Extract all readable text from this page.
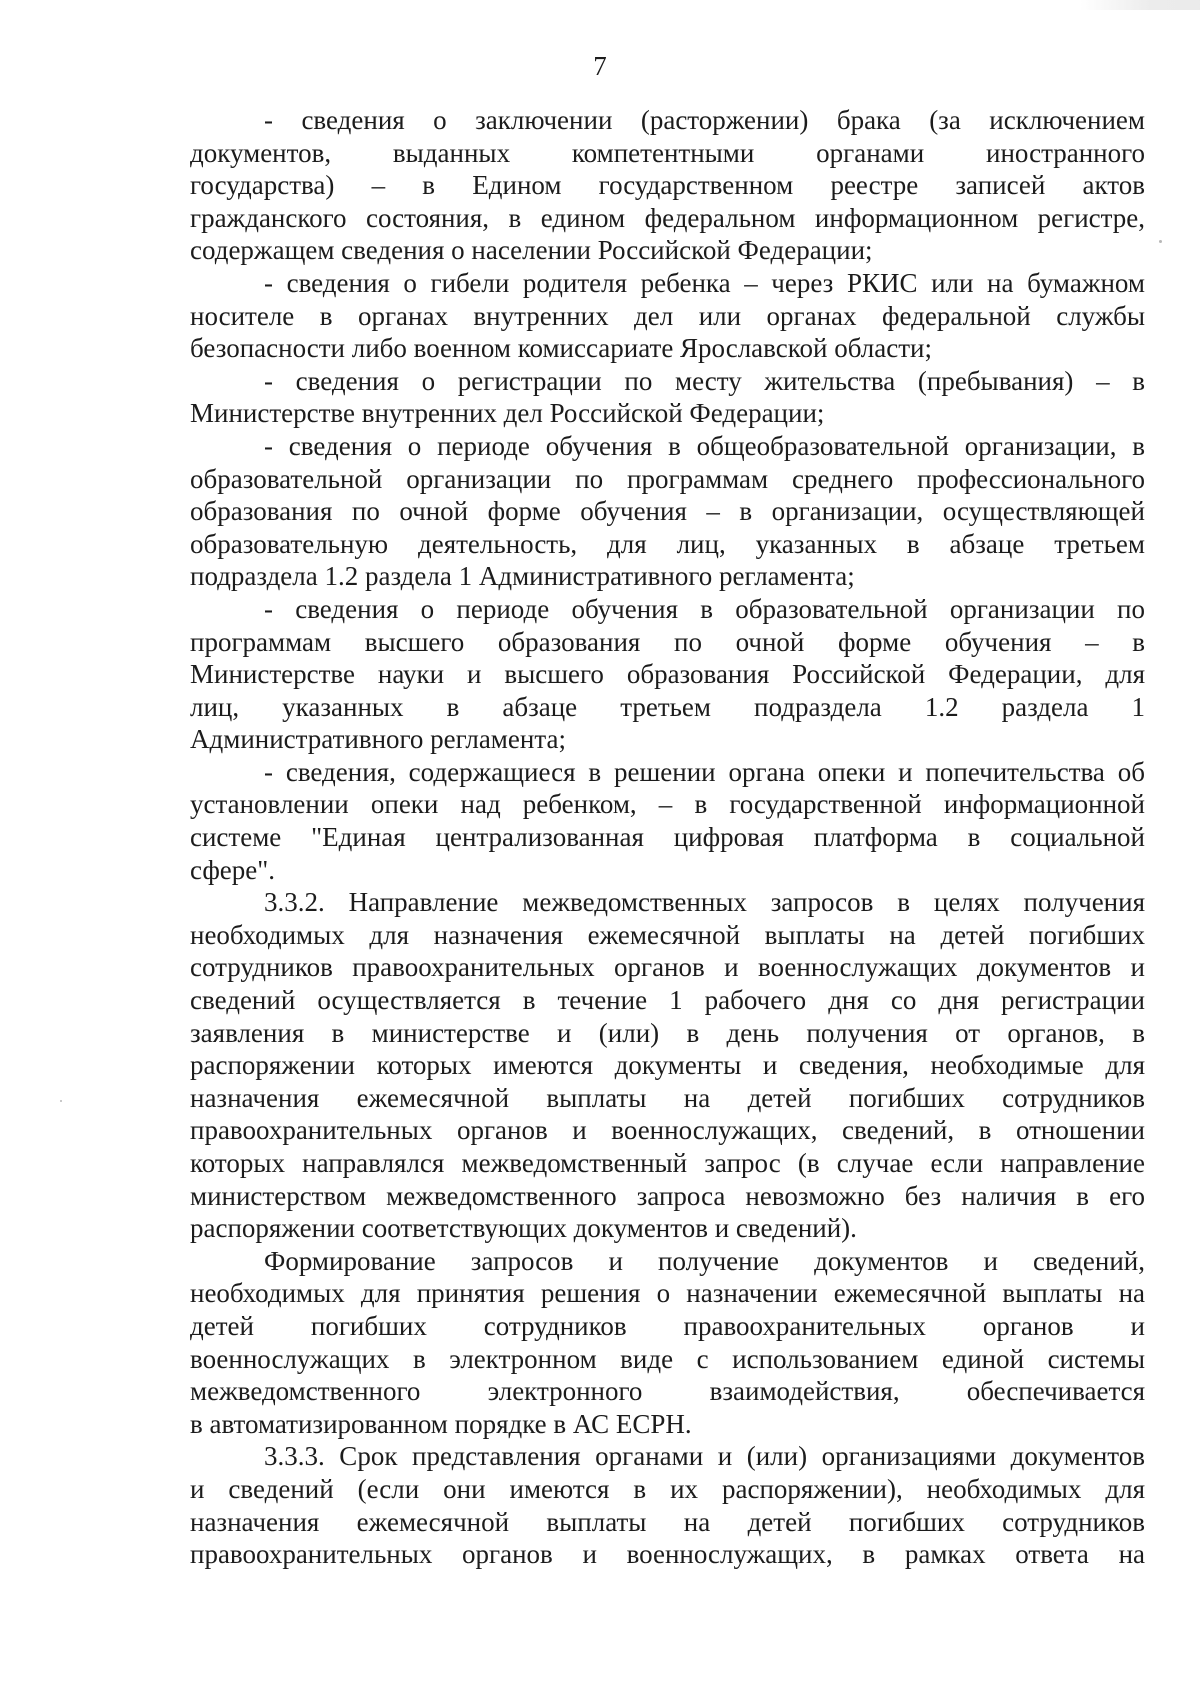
7
- сведения о заключении (расторжении) брака (за исключением
документов, выданных компетентными органами иностранного
государства) – в Едином государственном реестре записей актов
гражданского состояния, в едином федеральном информационном регистре,
содержащем сведения о населении Российской Федерации;
- сведения о гибели родителя ребенка – через РКИС или на бумажном
носителе в органах внутренних дел или органах федеральной службы
безопасности либо военном комиссариате Ярославской области;
- сведения о регистрации по месту жительства (пребывания) – в
Министерстве внутренних дел Российской Федерации;
- сведения о периоде обучения в общеобразовательной организации, в
образовательной организации по программам среднего профессионального
образования по очной форме обучения – в организации, осуществляющей
образовательную деятельность, для лиц, указанных в абзаце третьем
подраздела 1.2 раздела 1 Административного регламента;
- сведения о периоде обучения в образовательной организации по
программам высшего образования по очной форме обучения – в
Министерстве науки и высшего образования Российской Федерации, для
лиц, указанных в абзаце третьем подраздела 1.2 раздела 1
Административного регламента;
- сведения, содержащиеся в решении органа опеки и попечительства об
установлении опеки над ребенком, – в государственной информационной
системе "Единая централизованная цифровая платформа в социальной
сфере".
3.3.2. Направление межведомственных запросов в целях получения
необходимых для назначения ежемесячной выплаты на детей погибших
сотрудников правоохранительных органов и военнослужащих документов и
сведений осуществляется в течение 1 рабочего дня со дня регистрации
заявления в министерстве и (или) в день получения от органов, в
распоряжении которых имеются документы и сведения, необходимые для
назначения ежемесячной выплаты на детей погибших сотрудников
правоохранительных органов и военнослужащих, сведений, в отношении
которых направлялся межведомственный запрос (в случае если направление
министерством межведомственного запроса невозможно без наличия в его
распоряжении соответствующих документов и сведений).
Формирование запросов и получение документов и сведений,
необходимых для принятия решения о назначении ежемесячной выплаты на
детей погибших сотрудников правоохранительных органов и
военнослужащих в электронном виде с использованием единой системы
межведомственного электронного взаимодействия, обеспечивается
в автоматизированном порядке в АС ЕСРН.
3.3.3. Срок представления органами и (или) организациями документов
и сведений (если они имеются в их распоряжении), необходимых для
назначения ежемесячной выплаты на детей погибших сотрудников
правоохранительных органов и военнослужащих, в рамках ответа на
